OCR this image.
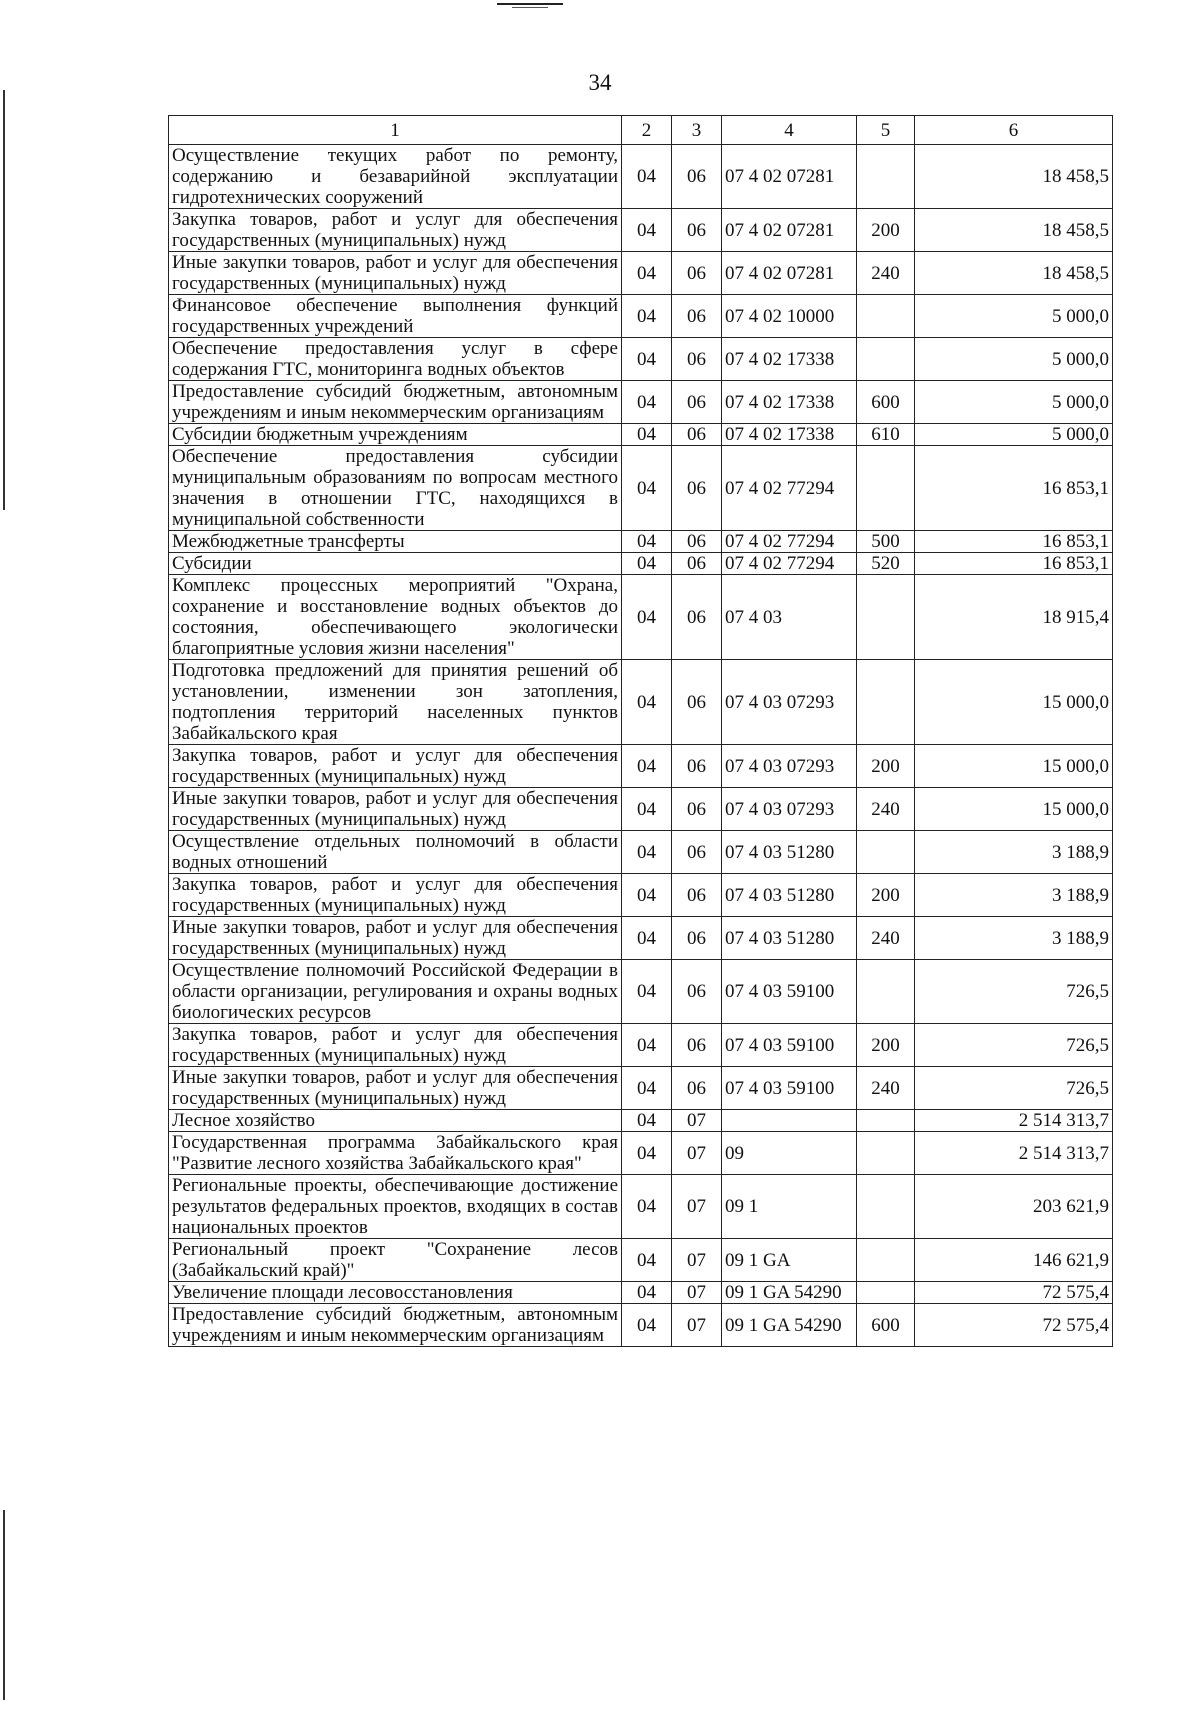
34
1	2	3	4	5	6
Осуществление текущих работ по ремонту, содержанию и безаварийной эксплуатации гидротехнических сооружений	04	06	07 4 02 07281		18 458,5
Закупка товаров, работ и услуг для обеспечения государственных (муниципальных) нужд	04	06	07 4 02 07281	200	18 458,5
Иные закупки товаров, работ и услуг для обеспечения государственных (муниципальных) нужд	04	06	07 4 02 07281	240	18 458,5
Финансовое обеспечение выполнения функций государственных учреждений	04	06	07 4 02 10000		5 000,0
Обеспечение предоставления услуг в сфере содержания ГТС, мониторинга водных объектов	04	06	07 4 02 17338		5 000,0
Предоставление субсидий бюджетным, автономным учреждениям и иным некоммерческим организациям	04	06	07 4 02 17338	600	5 000,0
Субсидии бюджетным учреждениям	04	06	07 4 02 17338	610	5 000,0
Обеспечение предоставления субсидии муниципальным образованиям по вопросам местного значения в отношении ГТС, находящихся в муниципальной собственности	04	06	07 4 02 77294		16 853,1
Межбюджетные трансферты	04	06	07 4 02 77294	500	16 853,1
Субсидии	04	06	07 4 02 77294	520	16 853,1
Комплекс процессных мероприятий "Охрана, сохранение и восстановление водных объектов до состояния, обеспечивающего экологически благоприятные условия жизни населения"	04	06	07 4 03		18 915,4
Подготовка предложений для принятия решений об установлении, изменении зон затопления, подтопления территорий населенных пунктов Забайкальского края	04	06	07 4 03 07293		15 000,0
Закупка товаров, работ и услуг для обеспечения государственных (муниципальных) нужд	04	06	07 4 03 07293	200	15 000,0
Иные закупки товаров, работ и услуг для обеспечения государственных (муниципальных) нужд	04	06	07 4 03 07293	240	15 000,0
Осуществление отдельных полномочий в области водных отношений	04	06	07 4 03 51280		3 188,9
Закупка товаров, работ и услуг для обеспечения государственных (муниципальных) нужд	04	06	07 4 03 51280	200	3 188,9
Иные закупки товаров, работ и услуг для обеспечения государственных (муниципальных) нужд	04	06	07 4 03 51280	240	3 188,9
Осуществление полномочий Российской Федерации в области организации, регулирования и охраны водных биологических ресурсов	04	06	07 4 03 59100		726,5
Закупка товаров, работ и услуг для обеспечения государственных (муниципальных) нужд	04	06	07 4 03 59100	200	726,5
Иные закупки товаров, работ и услуг для обеспечения государственных (муниципальных) нужд	04	06	07 4 03 59100	240	726,5
Лесное хозяйство	04	07			2 514 313,7
Государственная программа Забайкальского края "Развитие лесного хозяйства Забайкальского края"	04	07	09		2 514 313,7
Региональные проекты, обеспечивающие достижение результатов федеральных проектов, входящих в состав национальных проектов	04	07	09 1		203 621,9
Региональный проект "Сохранение лесов (Забайкальский край)"	04	07	09 1 GA		146 621,9
Увеличение площади лесовосстановления	04	07	09 1 GA 54290		72 575,4
Предоставление субсидий бюджетным, автономным учреждениям и иным некоммерческим организациям	04	07	09 1 GA 54290	600	72 575,4
